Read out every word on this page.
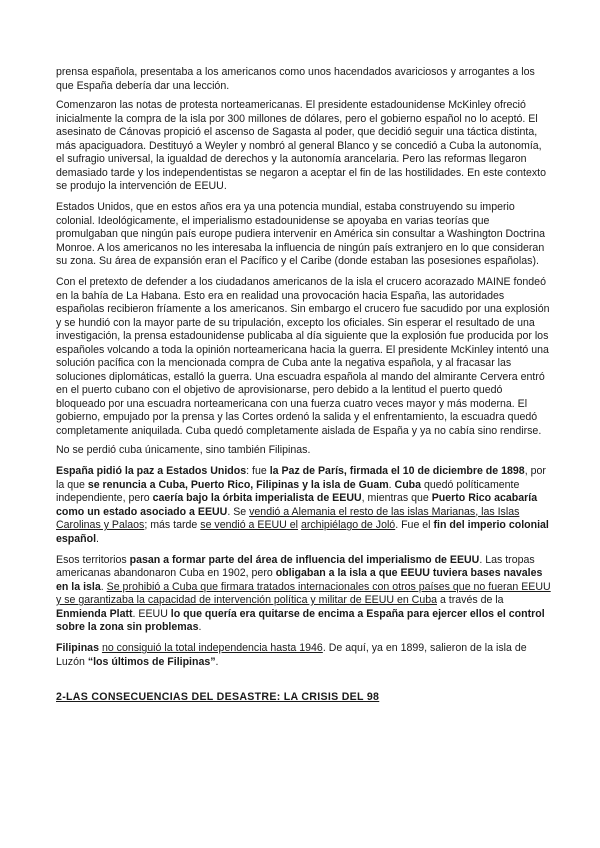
prensa española, presentaba a los americanos como unos hacendados avariciosos y arrogantes a los que España debería dar una lección.

Comenzaron las notas de protesta norteamericanas. El presidente estadounidense McKinley ofreció inicialmente la compra de la isla por 300 millones de dólares, pero el gobierno español no lo aceptó. El asesinato de Cánovas propició el ascenso de Sagasta al poder, que decidió seguir una táctica distinta, más apaciguadora. Destituyó a Weyler y nombró al general Blanco y se concedió a Cuba la autonomía, el sufragio universal, la igualdad de derechos y la autonomía arancelaria. Pero las reformas llegaron demasiado tarde y los independentistas se negaron a aceptar el fin de las hostilidades. En este contexto se produjo la intervención de EEUU.

Estados Unidos, que en estos años era ya una potencia mundial, estaba construyendo su imperio colonial. Ideológicamente, el imperialismo estadounidense se apoyaba en varias teorías que promulgaban que ningún país europe pudiera intervenir en América sin consultar a Washington Doctrina Monroe. A los americanos no les interesaba la influencia de ningún país extranjero en lo que consideran su zona. Su área de expansión eran el Pacífico y el Caribe (donde estaban las posesiones españolas).

Con el pretexto de defender a los ciudadanos americanos de la isla el crucero acorazado MAINE fondeó en la bahía de La Habana. Esto era en realidad una provocación hacia España, las autoridades españolas recibieron fríamente a los americanos. Sin embargo el crucero fue sacudido por una explosión y se hundió con la mayor parte de su tripulación, excepto los oficiales. Sin esperar el resultado de una investigación, la prensa estadounidense publicaba al día siguiente que la explosión fue producida por los españoles volcando a toda la opinión norteamericana hacia la guerra. El presidente McKinley intentó una solución pacífica con la mencionada compra de Cuba ante la negativa española, y al fracasar las soluciones diplomáticas, estalló la guerra. Una escuadra española al mando del almirante Cervera entró en el puerto cubano con el objetivo de aprovisionarse, pero debido a la lentitud el puerto quedó bloqueado por una escuadra norteamericana con una fuerza cuatro veces mayor y más moderna. El gobierno, empujado por la prensa y las Cortes ordenó la salida y el enfrentamiento, la escuadra quedó completamente aniquilada. Cuba quedó completamente aislada de España y ya no cabía sino rendirse.

No se perdió cuba únicamente, sino también Filipinas.

España pidió la paz a Estados Unidos: fue la Paz de París, firmada el 10 de diciembre de 1898, por la que se renuncia a Cuba, Puerto Rico, Filipinas y la isla de Guam. Cuba quedó políticamente independiente, pero caería bajo la órbita imperialista de EEUU, mientras que Puerto Rico acabaría como un estado asociado a EEUU. Se vendió a Alemania el resto de las islas Marianas, las Islas Carolinas y Palaos; más tarde se vendió a EEUU el archipiélago de Joló. Fue el fin del imperio colonial español.

Esos territorios pasan a formar parte del área de influencia del imperialismo de EEUU. Las tropas americanas abandonaron Cuba en 1902, pero obligaban a la isla a que EEUU tuviera bases navales en la isla. Se prohibió a Cuba que firmara tratados internacionales con otros países que no fueran EEUU y se garantizaba la capacidad de intervención política y militar de EEUU en Cuba a través de la Enmienda Platt. EEUU lo que quería era quitarse de encima a España para ejercer ellos el control sobre la zona sin problemas.

Filipinas no consiguió la total independencia hasta 1946. De aquí, ya en 1899, salieron de la isla de Luzón “los últimos de Filipinas”.

2-LAS CONSECUENCIAS DEL DESASTRE: LA CRISIS DEL 98
